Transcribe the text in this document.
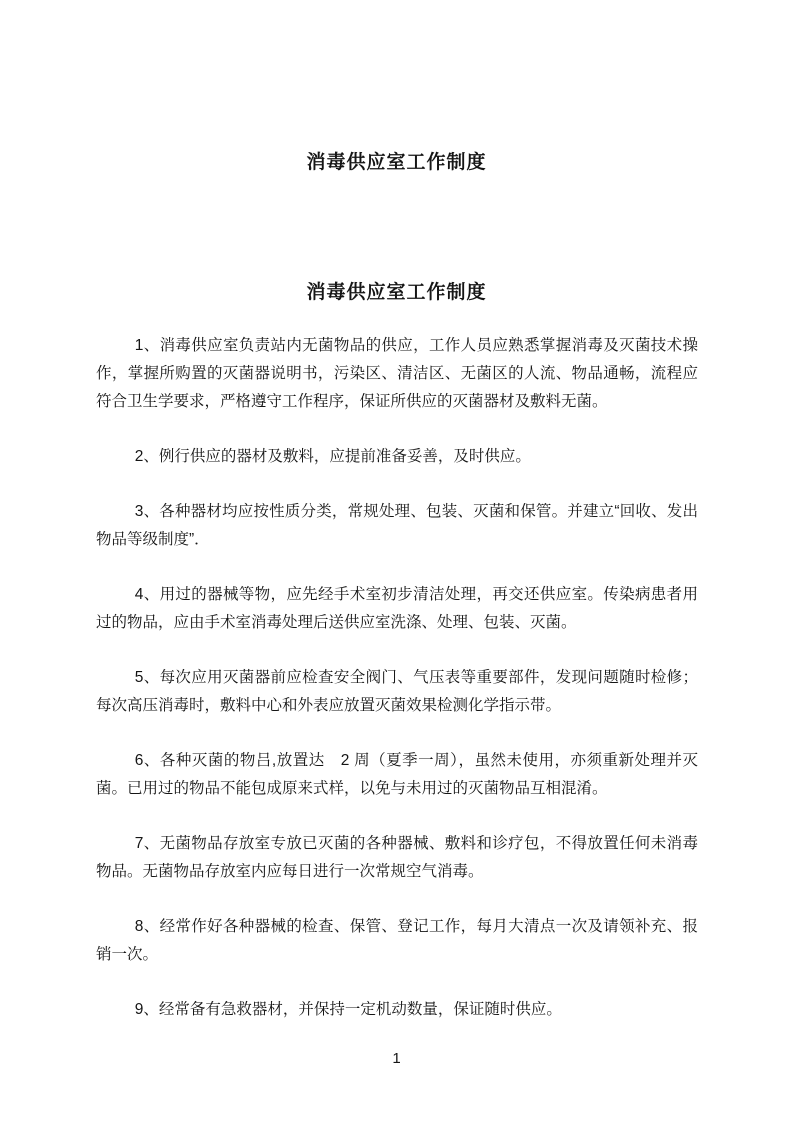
消毒供应室工作制度
消毒供应室工作制度

1、消毒供应室负责站内无菌物品的供应，工作人员应熟悉掌握消毒及灭菌技术操作，掌握所购置的灭菌器说明书，污染区、清洁区、无菌区的人流、物品通畅，流程应符合卫生学要求，严格遵守工作程序，保证所供应的灭菌器材及敷料无菌。

2、例行供应的器材及敷料，应提前准备妥善，及时供应。

3、各种器材均应按性质分类，常规处理、包装、灭菌和保管。并建立“回收、发出物品等级制度”．

4、用过的器械等物，应先经手术室初步清洁处理，再交还供应室。传染病患者用过的物品，应由手术室消毒处理后送供应室洗涤、处理、包装、灭菌。

5、每次应用灭菌器前应检查安全阀门、气压表等重要部件，发现问题随时检修；每次高压消毒时，敷料中心和外表应放置灭菌效果检测化学指示带。

6、各种灭菌的物吕,放置达　2 周（夏季一周），虽然未使用，亦须重新处理并灭菌。已用过的物品不能包成原来式样，以免与未用过的灭菌物品互相混淆。

7、无菌物品存放室专放已灭菌的各种器械、敷料和诊疗包，不得放置任何未消毒物品。无菌物品存放室内应每日进行一次常规空气消毒。

8、经常作好各种器械的检查、保管、登记工作，每月大清点一次及请领补充、报销一次。

9、经常备有急救器材，并保持一定机动数量，保证随时供应。

1
